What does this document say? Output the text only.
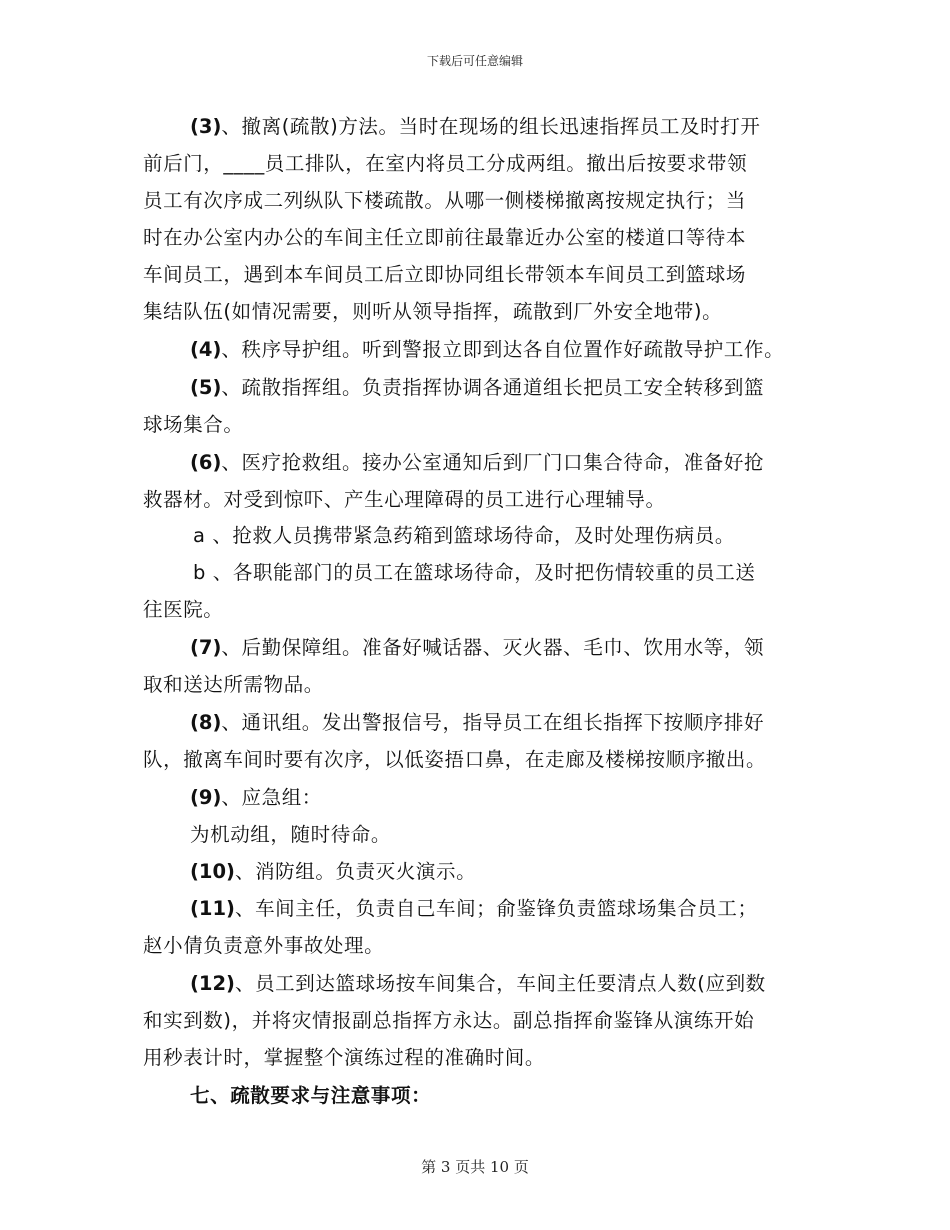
下载后可任意编辑
(3)、撤离(疏散)方法。当时在现场的组长迅速指挥员工及时打开
前后门，____员工排队，在室内将员工分成两组。撤出后按要求带领
员工有次序成二列纵队下楼疏散。从哪一侧楼梯撤离按规定执行；当
时在办公室内办公的车间主任立即前往最靠近办公室的楼道口等待本
车间员工，遇到本车间员工后立即协同组长带领本车间员工到篮球场
集结队伍(如情况需要，则听从领导指挥，疏散到厂外安全地带)。
(4)、秩序导护组。听到警报立即到达各自位置作好疏散导护工作。
(5)、疏散指挥组。负责指挥协调各通道组长把员工安全转移到篮
球场集合。
(6)、医疗抢救组。接办公室通知后到厂门口集合待命，准备好抢
救器材。对受到惊吓、产生心理障碍的员工进行心理辅导。
a 、抢救人员携带紧急药箱到篮球场待命，及时处理伤病员。
b 、各职能部门的员工在篮球场待命，及时把伤情较重的员工送
往医院。
(7)、后勤保障组。准备好喊话器、灭火器、毛巾、饮用水等，领
取和送达所需物品。
(8)、通讯组。发出警报信号，指导员工在组长指挥下按顺序排好
队，撤离车间时要有次序，以低姿捂口鼻，在走廊及楼梯按顺序撤出。
(9)、应急组：
为机动组，随时待命。
(10)、消防组。负责灭火演示。
(11)、车间主任，负责自己车间；俞鉴锋负责篮球场集合员工；
赵小倩负责意外事故处理。
(12)、员工到达篮球场按车间集合，车间主任要清点人数(应到数
和实到数)，并将灾情报副总指挥方永达。副总指挥俞鉴锋从演练开始
用秒表计时，掌握整个演练过程的准确时间。
七、疏散要求与注意事项：
第 3 页共 10 页
